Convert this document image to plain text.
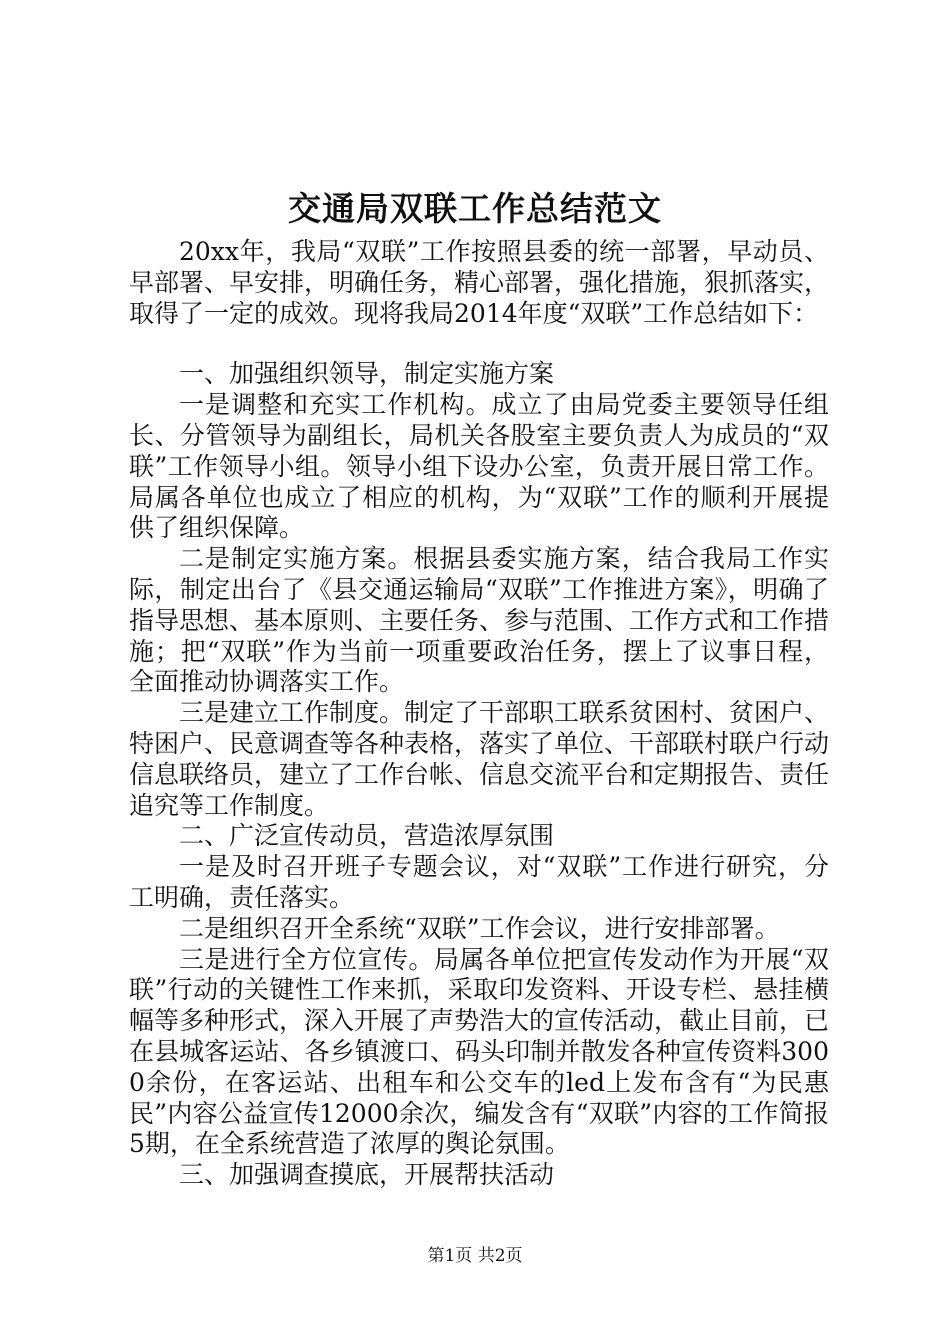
交通局双联工作总结范文

20xx年，我局“双联”工作按照县委的统一部署，早动员、早部署、早安排，明确任务，精心部署，强化措施，狠抓落实，取得了一定的成效。现将我局2014年度“双联”工作总结如下：

一、加强组织领导，制定实施方案

一是调整和充实工作机构。成立了由局党委主要领导任组长、分管领导为副组长，局机关各股室主要负责人为成员的“双联”工作领导小组。领导小组下设办公室，负责开展日常工作。局属各单位也成立了相应的机构，为“双联”工作的顺利开展提供了组织保障。

二是制定实施方案。根据县委实施方案，结合我局工作实际，制定出台了《县交通运输局“双联”工作推进方案》，明确了指导思想、基本原则、主要任务、参与范围、工作方式和工作措施；把“双联”作为当前一项重要政治任务，摆上了议事日程，全面推动协调落实工作。

三是建立工作制度。制定了干部职工联系贫困村、贫困户、特困户、民意调查等各种表格，落实了单位、干部联村联户行动信息联络员，建立了工作台帐、信息交流平台和定期报告、责任追究等工作制度。

二、广泛宣传动员，营造浓厚氛围

一是及时召开班子专题会议，对“双联”工作进行研究，分工明确，责任落实。

二是组织召开全系统“双联”工作会议，进行安排部署。

三是进行全方位宣传。局属各单位把宣传发动作为开展“双联”行动的关键性工作来抓，采取印发资料、开设专栏、悬挂横幅等多种形式，深入开展了声势浩大的宣传活动，截止目前，已在县城客运站、各乡镇渡口、码头印制并散发各种宣传资料3000余份，在客运站、出租车和公交车的led上发布含有“为民惠民”内容公益宣传12000余次，编发含有“双联”内容的工作简报5期，在全系统营造了浓厚的舆论氛围。

三、加强调查摸底，开展帮扶活动

第1页 共2页
